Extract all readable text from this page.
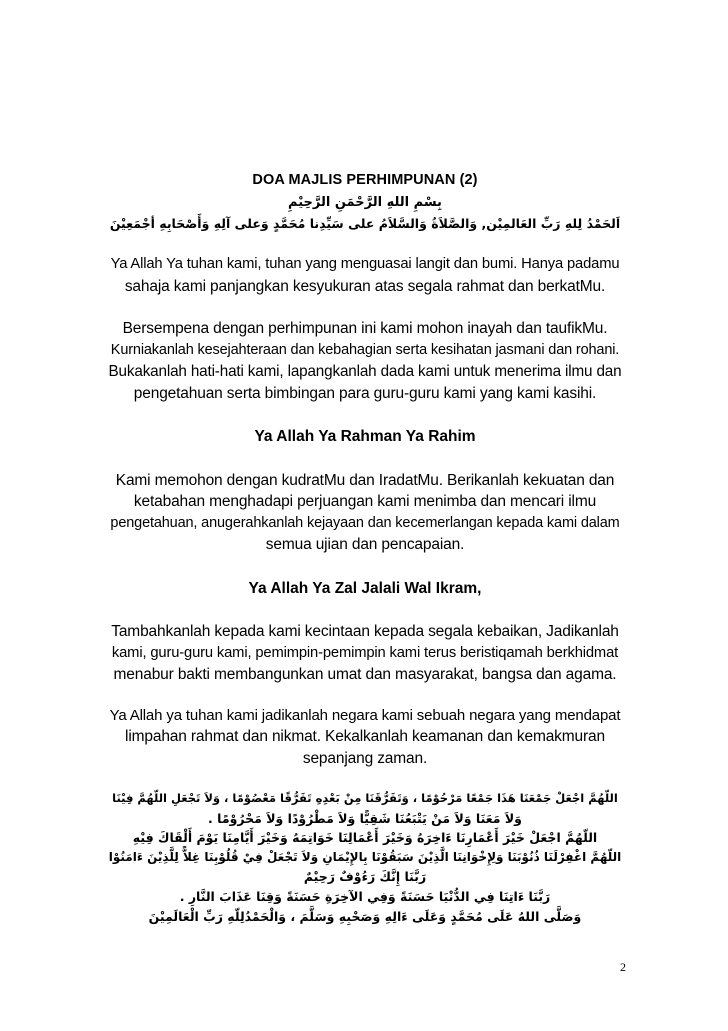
DOA MAJLIS PERHIMPUNAN (2)

بِسْمِ اللهِ الرَّحْمَنِ الرَّحِيْمِ

اَلحَمْدُ لِلهِ رَبِّ العَالمِيْن, وَالصَّلاَةُ وَالسَّلاَمُ على سَيِّدِنا مُحَمَّدٍ وَعلى آلِهِ وَأَصْحَابِهِ أجْمَعِيْنَ

Ya Allah Ya tuhan kami, tuhan yang menguasai langit dan bumi. Hanya padamu
sahaja kami panjangkan kesyukuran atas segala rahmat dan berkatMu.

Bersempena dengan perhimpunan ini kami mohon inayah dan taufikMu.
Kurniakanlah kesejahteraan dan kebahagian serta kesihatan jasmani dan rohani.
Bukakanlah hati-hati kami, lapangkanlah dada kami untuk menerima ilmu dan
pengetahuan serta bimbingan para guru-guru kami yang kami kasihi.

Ya Allah Ya Rahman Ya Rahim

Kami memohon dengan kudratMu dan IradatMu. Berikanlah kekuatan dan
ketabahan menghadapi perjuangan kami menimba dan mencari ilmu
pengetahuan, anugerahkanlah kejayaan dan kecemerlangan kepada kami dalam
semua ujian dan pencapaian.

Ya Allah Ya Zal Jalali Wal Ikram,

Tambahkanlah kepada kami kecintaan kepada segala kebaikan, Jadikanlah
kami, guru-guru kami, pemimpin-pemimpin kami terus beristiqamah berkhidmat
menabur bakti membangunkan umat dan masyarakat, bangsa dan agama.

Ya Allah ya tuhan kami jadikanlah negara kami sebuah negara yang mendapat
limpahan rahmat dan nikmat. Kekalkanlah keamanan dan kemakmuran
sepanjang zaman.

اللّهُمَّ اجْعَلْ جَمْعَنَا هَذَا جَمْعًا مَرْحُوْمًا ، وَتَفَرُّقَنَا مِنْ بَعْدِهِ تَفَرُّقًا مَعْصُوْمًا ، وَلاَ تَجْعَلِ اللّهُمَّ فِيْنَا
وَلاَ مَعَنَا وَلاَ مَنْ يَتْبَعُنَا شَقِيًّا وَلاَ مَطْرُوْدًا وَلاَ مَحْرُوْمًا .
اللّهُمَّ اجْعَلْ خَيْرَ أَعْمَارِنَا ءَاخِرَهُ وَخَيْرَ أَعْمَالِنَا خَوَاتِمَهُ وَخَيْرَ أَيَّامِنَا يَوْمَ أَلْقَاكَ فِيْهِ
اللّهُمَّ اغْفِرْلَنَا ذُنُوْبَنَا وَلِإِخْوَانِنَا الَّذِيْنَ سَبَقُوْنَا بِالإِيْمَانِ وَلاَ تَجْعَلْ فِيْ قُلُوْبِنَا غِلاًّ لِلَّذِيْنَ ءَامَنُوْا
رَبَّنَا إِنَّكَ رَءُوْفٌ رَحِيْمٌ
رَبَّنَا ءَاتِنَا فِي الدُّنْيَا حَسَنَةً وَفِي الآخِرَةِ حَسَنَةً وَقِنَا عَذَابَ النَّارِ .
وَصَلَّى اللهُ عَلَى مُحَمَّدٍ وَعَلَى ءَالِهِ وَصَحْبِهِ وَسَلَّمَ ، وَالْحَمْدُلِلّهِ رَبِّ الْعَالَمِيْنَ
2
